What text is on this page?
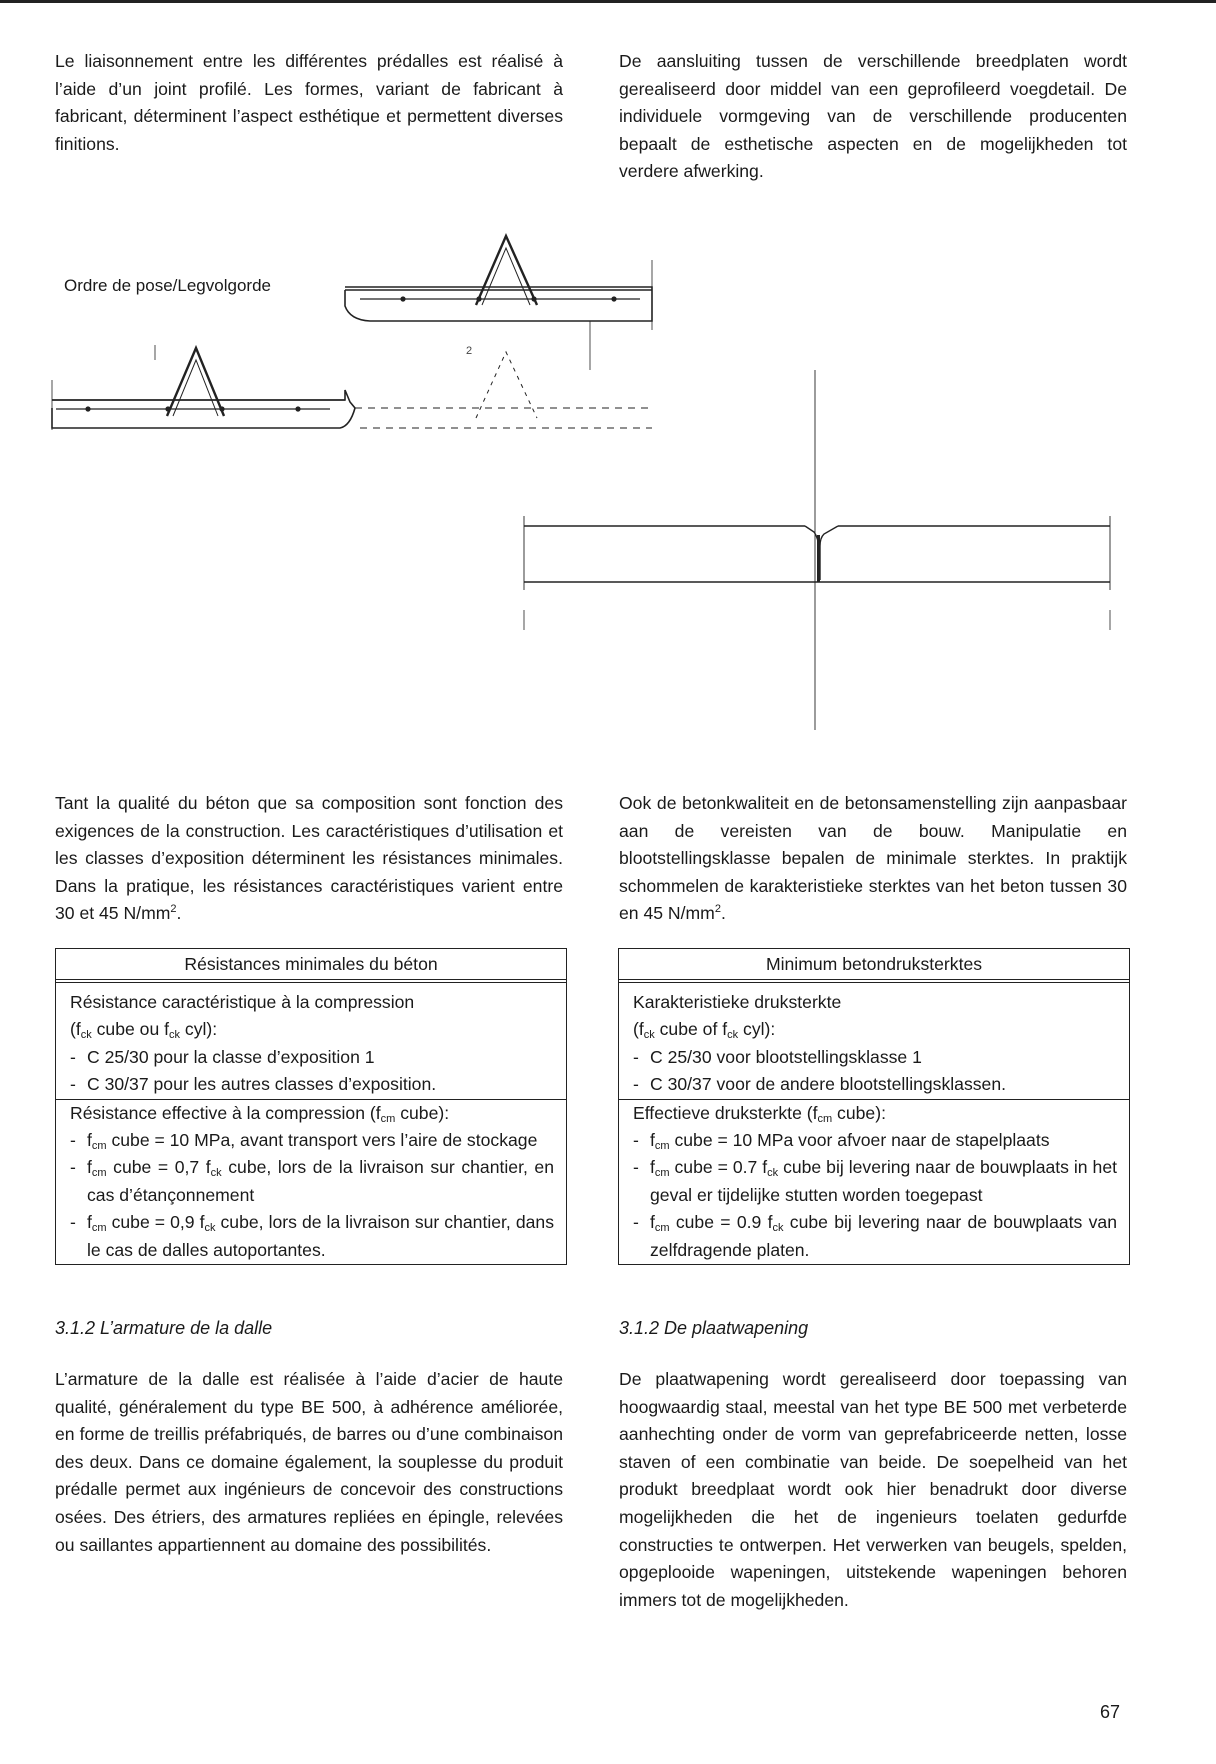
Le liaisonnement entre les différentes prédalles est réalisé à l’aide d’un joint profilé. Les formes, variant de fabricant à fabricant, déterminent l’aspect esthétique et permettent diverses finitions.

De aansluiting tussen de verschillende breedplaten wordt gerealiseerd door middel van een geprofileerd voegdetail. De individuele vormgeving van de verschillende producenten bepaalt de esthetische aspecten en de mogelijkheden tot verdere afwerking.

Ordre de pose/Legvolgorde
2

Tant la qualité du béton que sa composition sont fonction des exigences de la construction. Les caractéristiques d’utilisation et les classes d’exposition déterminent les résistances minimales. Dans la pratique, les résistances caractéristiques varient entre 30 et 45 $N/mm^2$.

Ook de betonkwaliteit en de betonsamenstelling zijn aanpasbaar aan de vereisten van de bouw. Manipulatie en blootstellingsklasse bepalen de minimale sterktes. In praktijk schommelen de karakteristieke sterktes van het beton tussen 30 en 45 $N/mm^2$.

Résistances minimales du béton
Résistance caractéristique à la compression
($f_{ck}$ cube ou $f_{ck}$ cyl):
- C 25/30 pour la classe d’exposition 1
- C 30/37 pour les autres classes d’exposition.
Résistance effective à la compression ($f_{cm}$ cube):
- $f_{cm}$ cube = 10 MPa, avant transport vers l’aire de stockage
- $f_{cm}$ cube = 0,7 $f_{ck}$ cube, lors de la livraison sur chantier, en cas d’étançonnement
- $f_{cm}$ cube = 0,9 $f_{ck}$ cube, lors de la livraison sur chantier, dans le cas de dalles autoportantes.
Minimum betondruksterktes
Karakteristieke druksterkte
($f_{ck}$ cube of $f_{ck}$ cyl):
- C 25/30 voor blootstellingsklasse 1
- C 30/37 voor de andere blootstellingsklassen.
Effectieve druksterkte ($f_{cm}$ cube):
- $f_{cm}$ cube = 10 MPa voor afvoer naar de stapelplaats
- $f_{cm}$ cube = 0.7 $f_{ck}$ cube bij levering naar de bouwplaats in het geval er tijdelijke stutten worden toegepast
- $f_{cm}$ cube = 0.9 $f_{ck}$ cube bij levering naar de bouwplaats van zelfdragende platen.
3.1.2 L’armature de la dalle	3.1.2 De plaatwapening

L’armature de la dalle est réalisée à l’aide d’acier de haute qualité, généralement du type BE 500, à adhérence améliorée, en forme de treillis préfabriqués, de barres ou d’une combinaison des deux. Dans ce domaine également, la souplesse du produit prédalle permet aux ingénieurs de concevoir des constructions osées. Des étriers, des armatures repliées en épingle, relevées ou saillantes appartiennent au domaine des possibilités.

De plaatwapening wordt gerealiseerd door toepassing van hoogwaardig staal, meestal van het type BE 500 met verbeterde aanhechting onder de vorm van geprefabriceerde netten, losse staven of een combinatie van beide. De soepelheid van het produkt breedplaat wordt ook hier benadrukt door diverse mogelijkheden die het de ingenieurs toelaten gedurfde constructies te ontwerpen. Het verwerken van beugels, spelden, opgeplooide wapeningen, uitstekende wapeningen behoren immers tot de mogelijkheden.

67
